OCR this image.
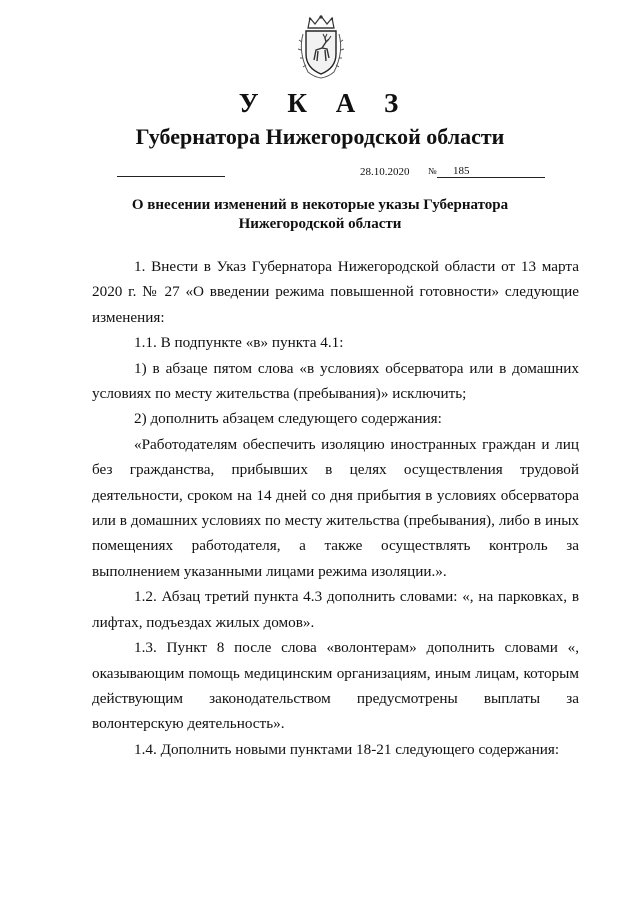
У К А З
Губернатора Нижегородской области
28.10.2020 № 185
О внесении изменений в некоторые указы Губернатора Нижегородской области

1. Внести в Указ Губернатора Нижегородской области от 13 марта 2020 г. № 27 «О введении режима повышенной готовности» следующие изменения:

1.1. В подпункте «в» пункта 4.1:

1) в абзаце пятом слова «в условиях обсерватора или в домашних условиях по месту жительства (пребывания)» исключить;

2) дополнить абзацем следующего содержания:

«Работодателям обеспечить изоляцию иностранных граждан и лиц без гражданства, прибывших в целях осуществления трудовой деятельности, сроком на 14 дней со дня прибытия в условиях обсерватора или в домашних условиях по месту жительства (пребывания), либо в иных помещениях работодателя, а также осуществлять контроль за выполнением указанными лицами режима изоляции.».

1.2. Абзац третий пункта 4.3 дополнить словами: «, на парковках, в лифтах, подъездах жилых домов».

1.3. Пункт 8 после слова «волонтерам» дополнить словами «, оказывающим помощь медицинским организациям, иным лицам, которым действующим законодательством предусмотрены выплаты за волонтерскую деятельность».

1.4. Дополнить новыми пунктами 18-21 следующего содержания:
